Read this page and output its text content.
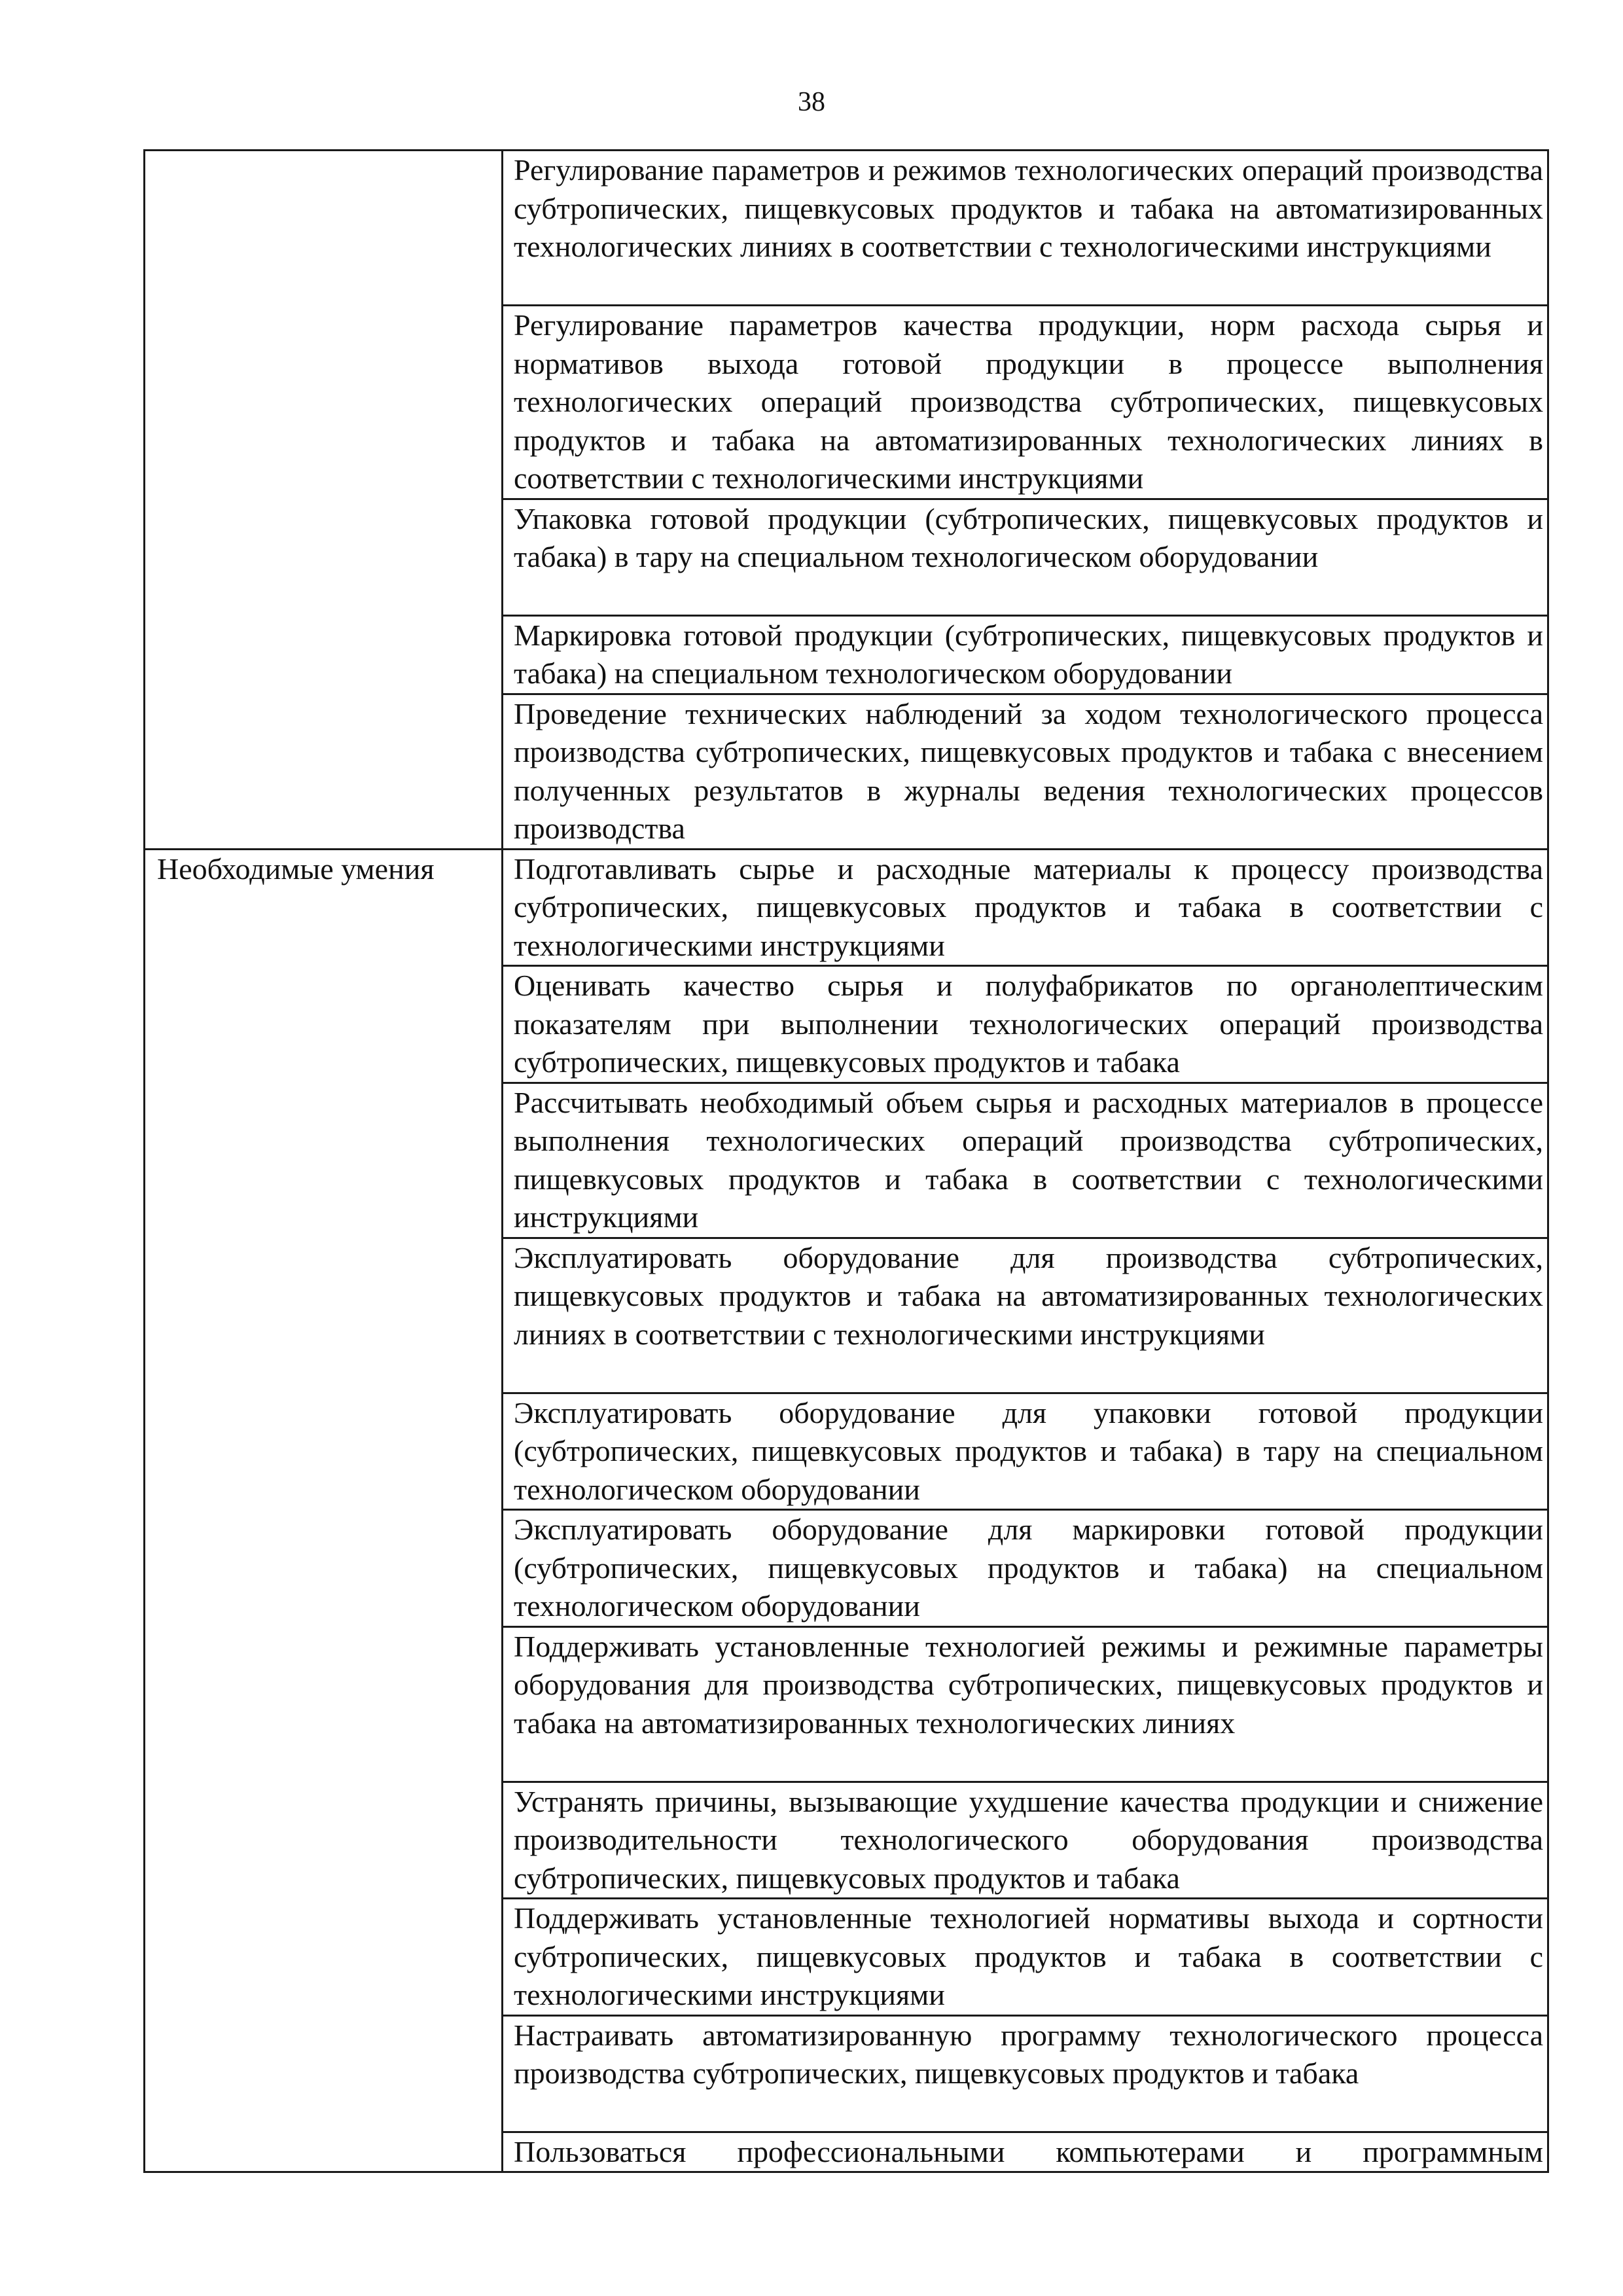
38
	Регулирование параметров и режимов технологических операций производства субтропических, пищевкусовых продуктов и табака на автоматизированных технологических линиях в соответствии с технологическими инструкциями
	Регулирование параметров качества продукции, норм расхода сырья и нормативов выхода готовой продукции в процессе выполнения технологических операций производства субтропических, пищевкусовых продуктов и табака на автоматизированных технологических линиях в соответствии с технологическими инструкциями
	Упаковка готовой продукции (субтропических, пищевкусовых продуктов и табака) в тару на специальном технологическом оборудовании
	Маркировка готовой продукции (субтропических, пищевкусовых продуктов и табака) на специальном технологическом оборудовании
	Проведение технических наблюдений за ходом технологического процесса производства субтропических, пищевкусовых продуктов и табака с внесением полученных результатов в журналы ведения технологических процессов производства
Необходимые умения	Подготавливать сырье и расходные материалы к процессу производства субтропических, пищевкусовых продуктов и табака в соответствии с технологическими инструкциями
	Оценивать качество сырья и полуфабрикатов по органолептическим показателям при выполнении технологических операций производства субтропических, пищевкусовых продуктов и табака
	Рассчитывать необходимый объем сырья и расходных материалов в процессе выполнения технологических операций производства субтропических, пищевкусовых продуктов и табака в соответствии с технологическими инструкциями
	Эксплуатировать оборудование для производства субтропических, пищевкусовых продуктов и табака на автоматизированных технологических линиях в соответствии с технологическими инструкциями
	Эксплуатировать оборудование для упаковки готовой продукции (субтропических, пищевкусовых продуктов и табака) в тару на специальном технологическом оборудовании
	Эксплуатировать оборудование для маркировки готовой продукции (субтропических, пищевкусовых продуктов и табака) на специальном технологическом оборудовании
	Поддерживать установленные технологией режимы и режимные параметры оборудования для производства субтропических, пищевкусовых продуктов и табака на автоматизированных технологических линиях
	Устранять причины, вызывающие ухудшение качества продукции и снижение производительности технологического оборудования производства субтропических, пищевкусовых продуктов и табака
	Поддерживать установленные технологией нормативы выхода и сортности субтропических, пищевкусовых продуктов и табака в соответствии с технологическими инструкциями
	Настраивать автоматизированную программу технологического процесса производства субтропических, пищевкусовых продуктов и табака
	Пользоваться профессиональными компьютерами и программным
